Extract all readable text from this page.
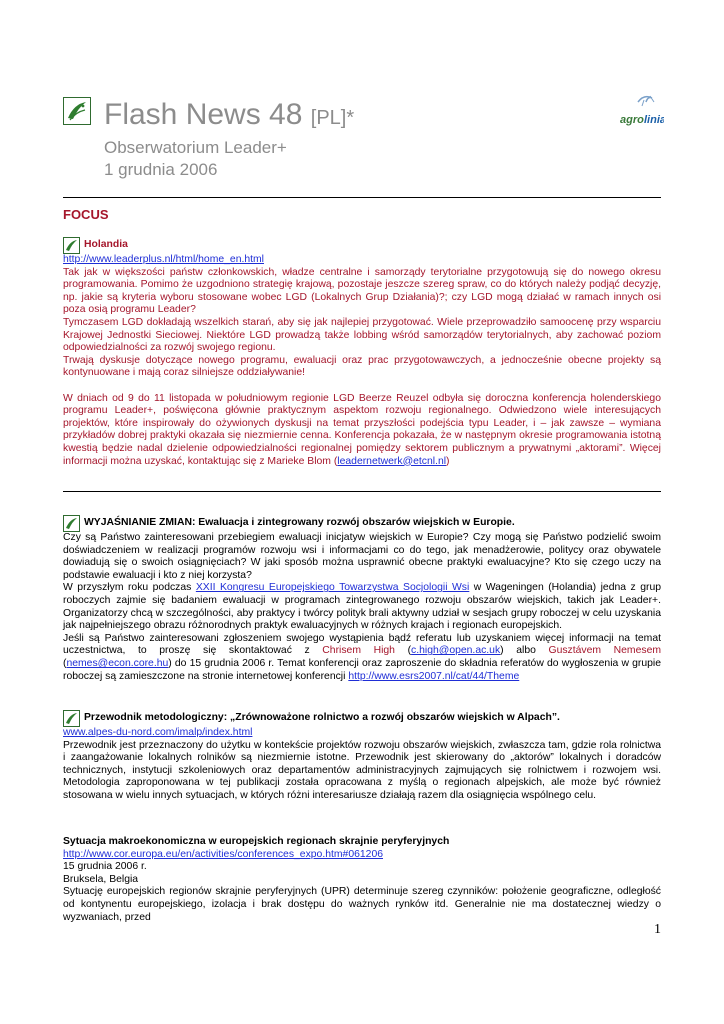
Flash News 48 [PL]*
Obserwatorium Leader+
1 grudnia 2006
agro linia
FOCUS
Holandia

http://www.leaderplus.nl/html/home_en.html

Tak jak w większości państw członkowskich, władze centralne i samorządy terytorialne przygotowują się do nowego okresu programowania. Pomimo że uzgodniono strategię krajową, pozostaje jeszcze szereg spraw, co do których należy podjąć decyzję, np. jakie są kryteria wyboru stosowane wobec LGD (Lokalnych Grup Działania)?; czy LGD mogą działać w ramach innych osi poza osią programu Leader?

Tymczasem LGD dokładają wszelkich starań, aby się jak najlepiej przygotować. Wiele przeprowadziło samoocenę przy wsparciu Krajowej Jednostki Sieciowej. Niektóre LGD prowadzą także lobbing wśród samorządów terytorialnych, aby zachować poziom odpowiedzialności za rozwój swojego regionu.

Trwają dyskusje dotyczące nowego programu, ewaluacji oraz prac przygotowawczych, a jednocześnie obecne projekty są kontynuowane i mają coraz silniejsze oddziaływanie!

W dniach od 9 do 11 listopada w południowym regionie LGD Beerze Reuzel odbyła się doroczna konferencja holenderskiego programu Leader+, poświęcona głównie praktycznym aspektom rozwoju regionalnego. Odwiedzono wiele interesujących projektów, które inspirowały do ożywionych dyskusji na temat przyszłości podejścia typu Leader, i – jak zawsze – wymiana przykładów dobrej praktyki okazała się niezmiernie cenna. Konferencja pokazała, że w następnym okresie programowania istotną kwestią będzie nadal dzielenie odpowiedzialności regionalnej pomiędzy sektorem publicznym a prywatnymi „aktorami”. Więcej informacji można uzyskać, kontaktując się z Marieke Blom (leadernetwerk@etcnl.nl)

WYJAŚNIANIE ZMIAN: Ewaluacja i zintegrowany rozwój obszarów wiejskich w Europie.

Czy są Państwo zainteresowani przebiegiem ewaluacji inicjatyw wiejskich w Europie? Czy mogą się Państwo podzielić swoim doświadczeniem w realizacji programów rozwoju wsi i informacjami co do tego, jak menadżerowie, politycy oraz obywatele dowiadują się o swoich osiągnięciach? W jaki sposób można usprawnić obecne praktyki ewaluacyjne? Kto się czego uczy na podstawie ewaluacji i kto z niej korzysta?

W przyszłym roku podczas XXII Kongresu Europejskiego Towarzystwa Socjologii Wsi w Wageningen (Holandia) jedna z grup roboczych zajmie się badaniem ewaluacji w programach zintegrowanego rozwoju obszarów wiejskich, takich jak Leader+. Organizatorzy chcą w szczególności, aby praktycy i twórcy polityk brali aktywny udział w sesjach grupy roboczej w celu uzyskania jak najpełniejszego obrazu różnorodnych praktyk ewaluacyjnych w różnych krajach i regionach europejskich.

Jeśli są Państwo zainteresowani zgłoszeniem swojego wystąpienia bądź referatu lub uzyskaniem więcej informacji na temat uczestnictwa, to proszę się skontaktować z Chrisem High (c.high@open.ac.uk) albo Gusztávem Nemesem (nemes@econ.core.hu) do 15 grudnia 2006 r. Temat konferencji oraz zaproszenie do składnia referatów do wygłoszenia w grupie roboczej są zamieszczone na stronie internetowej konferencji http://www.esrs2007.nl/cat/44/Theme

Przewodnik metodologiczny: „Zrównoważone rolnictwo a rozwój obszarów wiejskich w Alpach”.

www.alpes-du-nord.com/imalp/index.html

Przewodnik jest przeznaczony do użytku w kontekście projektów rozwoju obszarów wiejskich, zwłaszcza tam, gdzie rola rolnictwa i zaangażowanie lokalnych rolników są niezmiernie istotne. Przewodnik jest skierowany do „aktorów” lokalnych i doradców technicznych, instytucji szkoleniowych oraz departamentów administracyjnych zajmujących się rolnictwem i rozwojem wsi. Metodologia zaproponowana w tej publikacji została opracowana z myślą o regionach alpejskich, ale może być również stosowana w wielu innych sytuacjach, w których różni interesariusze działają razem dla osiągnięcia wspólnego celu.

Sytuacja makroekonomiczna w europejskich regionach skrajnie peryferyjnych

http://www.cor.europa.eu/en/activities/conferences_expo.htm#061206

15 grudnia 2006 r.

Bruksela, Belgia

Sytuację europejskich regionów skrajnie peryferyjnych (UPR) determinuje szereg czynników: położenie geograficzne, odległość od kontynentu europejskiego, izolacja i brak dostępu do ważnych rynków itd. Generalnie nie ma dostatecznej wiedzy o wyzwaniach, przed

1
